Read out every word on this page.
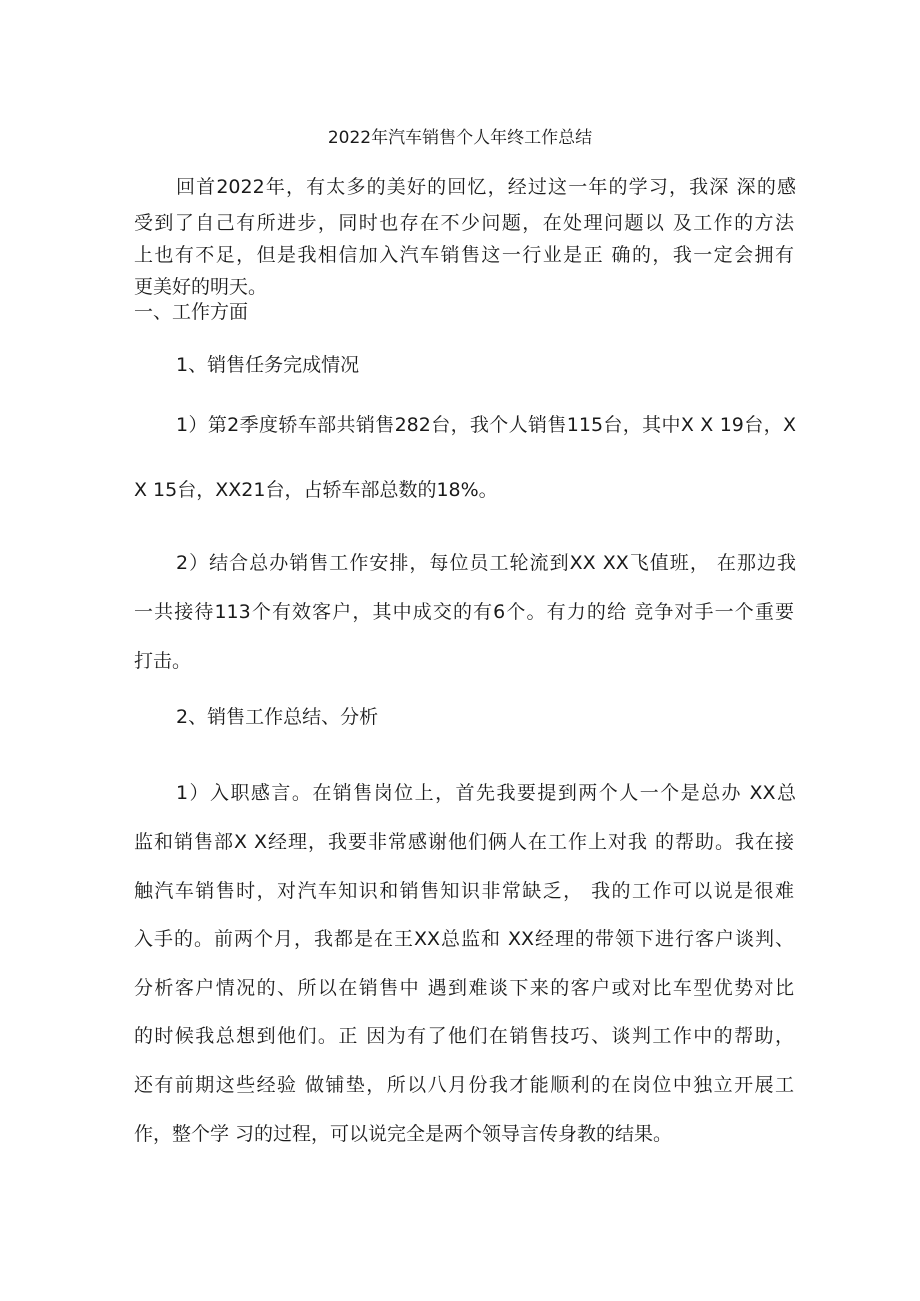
2022年汽车销售个人年终工作总结
回首2022年，有太多的美好的回忆，经过这一年的学习，我深 深的感
受到了自己有所进步，同时也存在不少问题，在处理问题以 及工作的方法
上也有不足，但是我相信加入汽车销售这一行业是正 确的，我一定会拥有
更美好的明天。
一、工作方面
1、销售任务完成情况
1）第2季度轿车部共销售282台，我个人销售115台，其中X X 19台，X
X 15台，XX21台，占轿车部总数的18%。
2）结合总办销售工作安排，每位员工轮流到XX XX飞值班， 在那边我
一共接待113个有效客户，其中成交的有6个。有力的给 竞争对手一个重要
打击。
2、销售工作总结、分析
1）入职感言。在销售岗位上，首先我要提到两个人一个是总办 XX总
监和销售部X X经理，我要非常感谢他们俩人在工作上对我 的帮助。我在接
触汽车销售时，对汽车知识和销售知识非常缺乏， 我的工作可以说是很难
入手的。前两个月，我都是在王XX总监和 XX经理的带领下进行客户谈判、
分析客户情况的、所以在销售中 遇到难谈下来的客户或对比车型优势对比
的时候我总想到他们。正 因为有了他们在销售技巧、谈判工作中的帮助，
还有前期这些经验 做铺垫，所以八月份我才能顺利的在岗位中独立开展工
作，整个学 习的过程，可以说完全是两个领导言传身教的结果。
